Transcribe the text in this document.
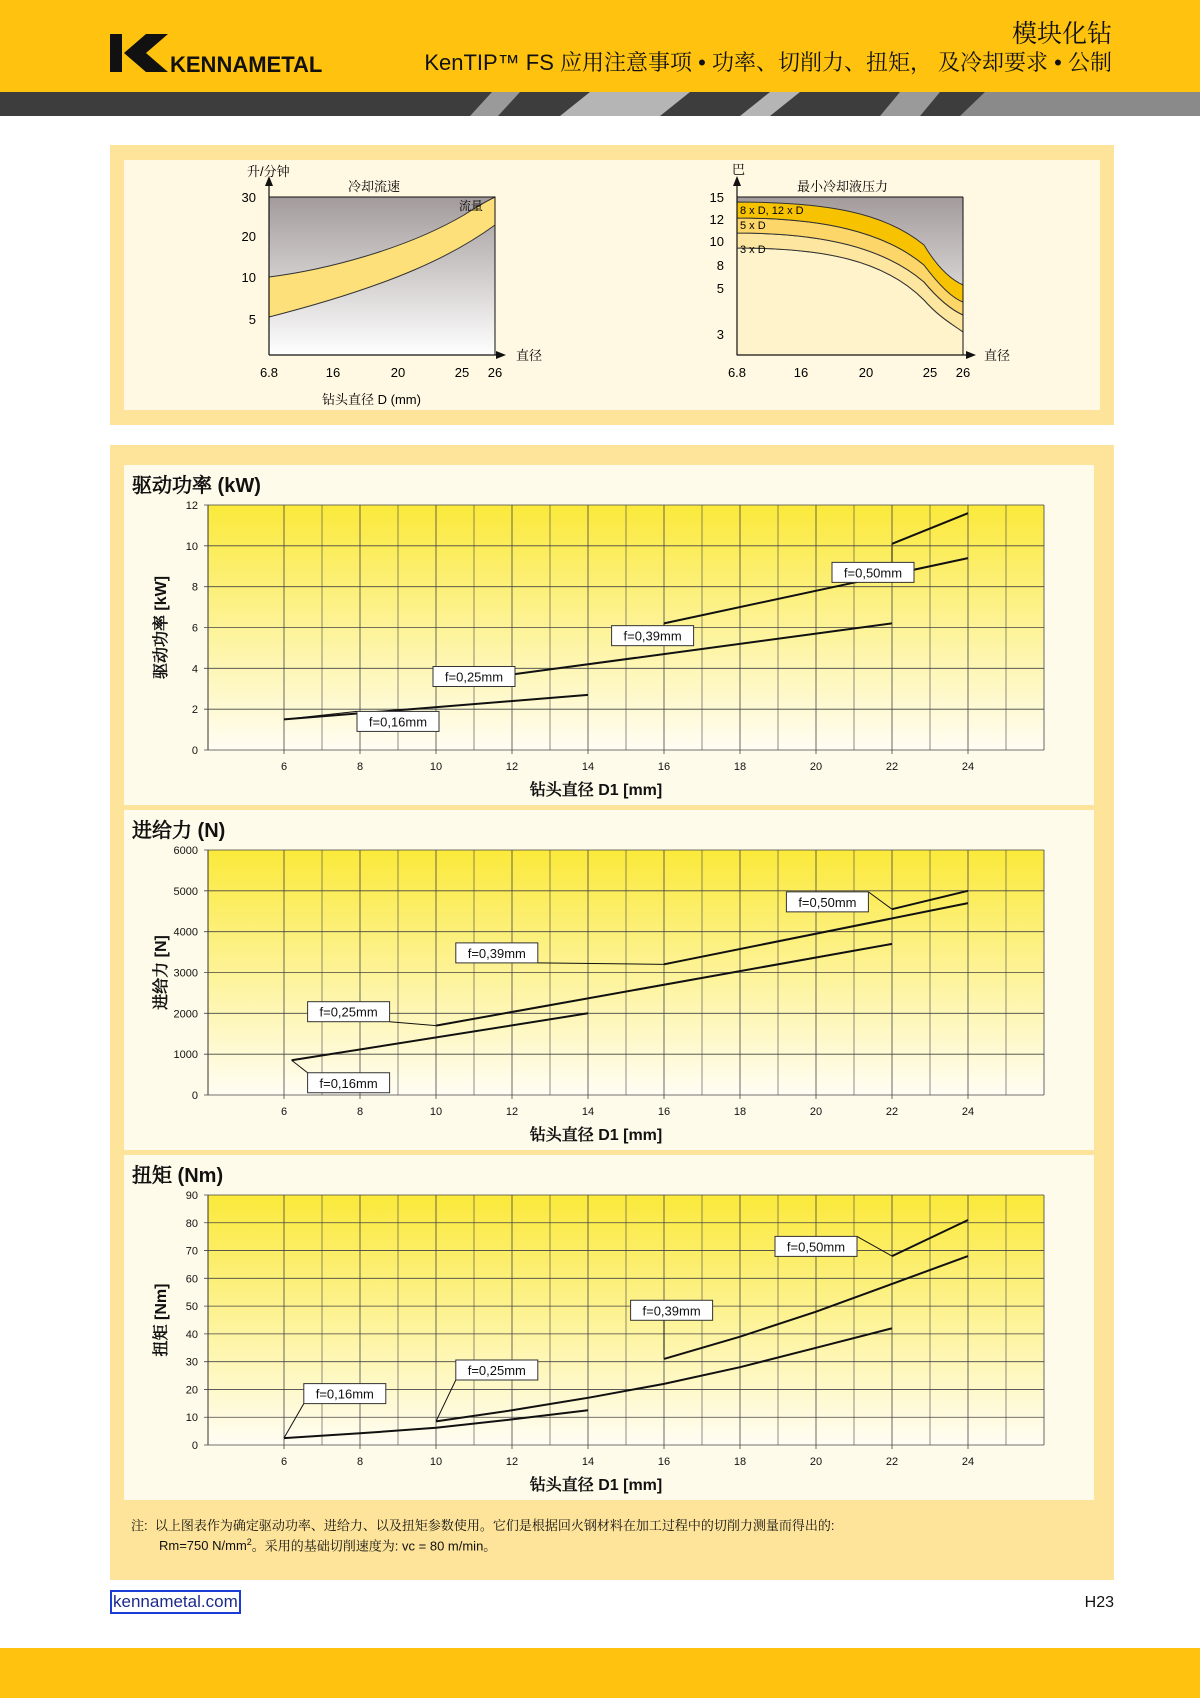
KENNAMETAL
模块化钻
KenTIP™ FS 应用注意事项 • 功率、切削力、扭矩， 及冷却要求 • 公制
升/分钟
冷却流速
流量
直径
钻头直径 D (mm)
5
10
20
30
6.8	16	20	25 26
巴
最小冷却液压力
8 x D, 12 x D
5 x D
3 x D
直径
3
5
8
10
12
15
6.8	16	20	25 26
0
2
4
6
8
10
12
6	8	10	12	14	16	18	20	22	24
驱动功率 (kW)
钻头直径 D1 [mm]
驱动功率 [kW]
f=0,16mm
f=0,25mm
f=0,39mm
f=0,50mm
0
1000
2000
3000
4000
5000
6000
6	8	10	12	14	16	18	20	22	24
进给力 (N)
钻头直径 D1 [mm]
进给力 [N]
f=0,16mm
f=0,25mm
f=0,39mm
f=0,50mm
0
10
20
30
40
50
60
70
80
90
6	8	10	12	14	16	18	20	22	24
扭矩 (Nm)
钻头直径 D1 [mm]
扭矩 [Nm]
f=0,16mm
f=0,25mm
f=0,39mm
f=0,50mm
注: 以上图表作为确定驱动功率、进给力、以及扭矩参数使用。它们是根据回火钢材料在加工过程中的切削力测量而得出的:
Rm=750 $N/mm^2$。采用的基础切削速度为: vc = 80 m/min。
kennametal.com	H23
